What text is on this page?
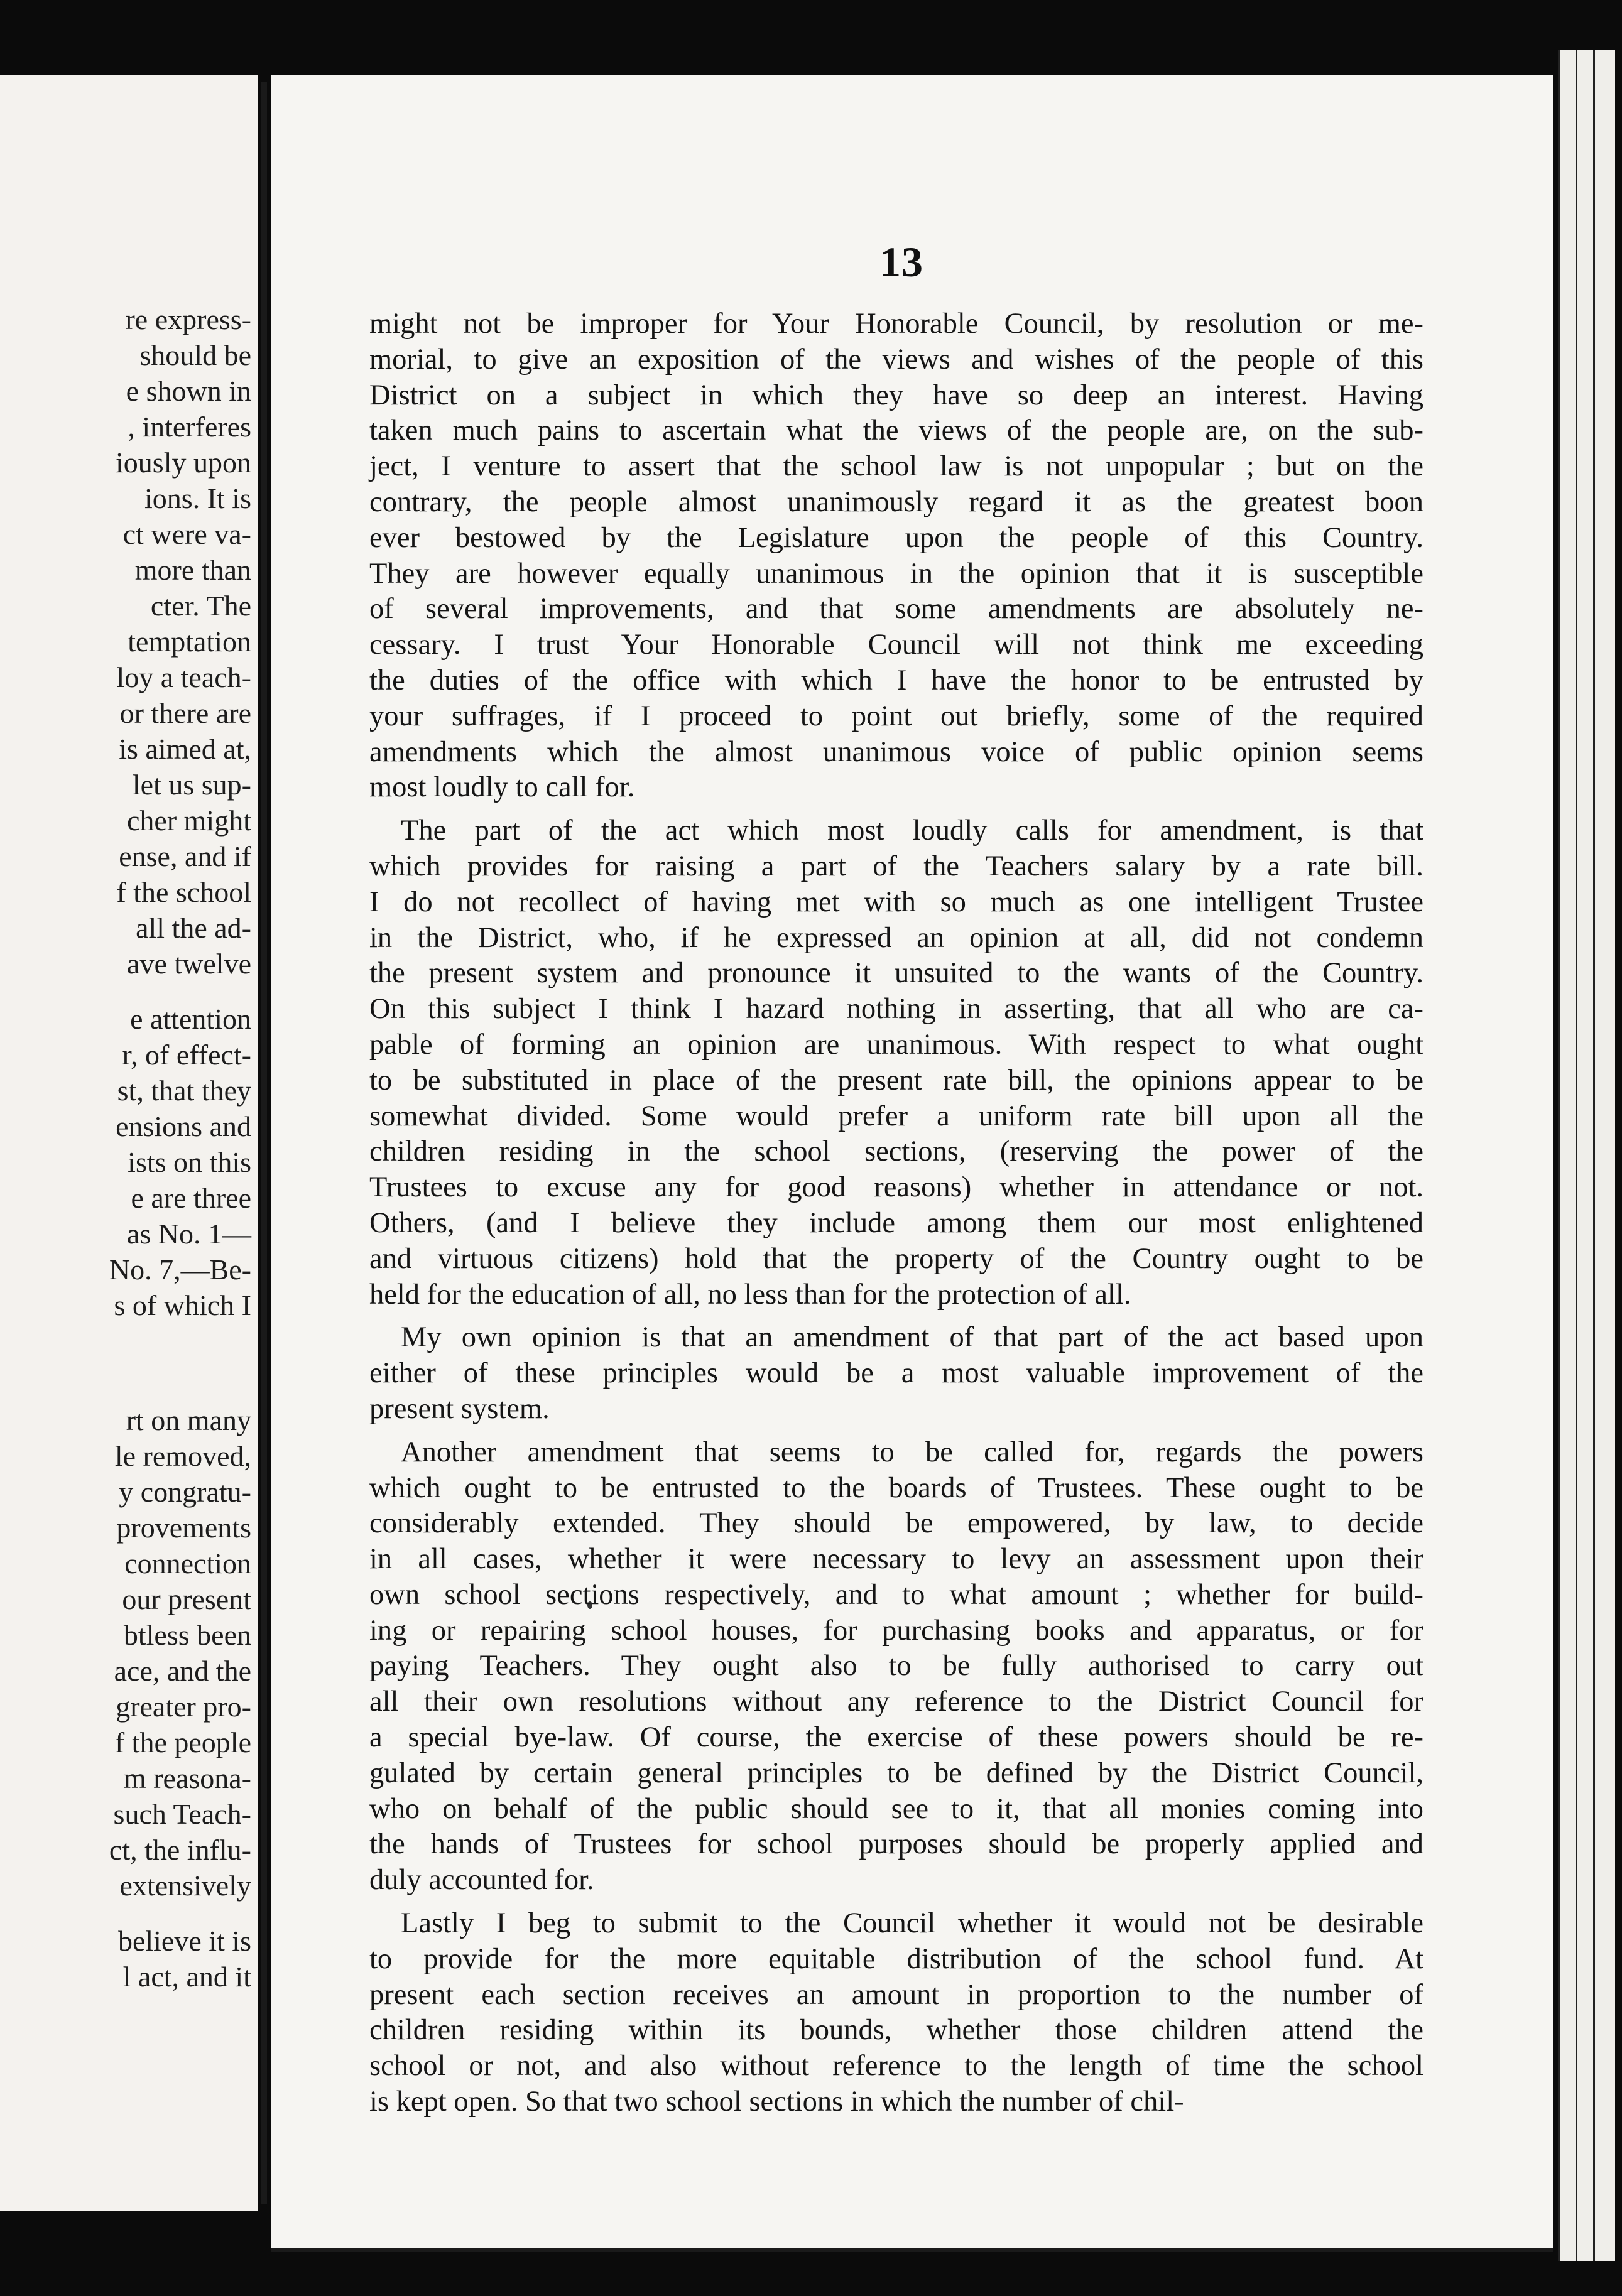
re express-
should be
e shown in
, interferes
iously upon
ions. It is
ct were va-
more than
cter. The
temptation
loy a teach-
or there are
is aimed at,
let us sup-
cher might
ense, and if
f the school
all the ad-
ave twelve
e attention
r, of effect-
st, that they
ensions and
ists on this
e are three
as No. 1—
No. 7,—Be-
s of which I
rt on many
le removed,
y congratu-
provements
connection
our present
btless been
ace, and the
greater pro-
f the people
m reasona-
such Teach-
ct, the influ-
extensively
believe it is
l act, and it
13
might not be improper for Your Honorable Council, by resolution or me-
morial, to give an exposition of the views and wishes of the people of this
District on a subject in which they have so deep an interest. Having
taken much pains to ascertain what the views of the people are, on the sub-
ject, I venture to assert that the school law is not unpopular ; but on the
contrary, the people almost unanimously regard it as the greatest boon
ever bestowed by the Legislature upon the people of this Country.
They are however equally unanimous in the opinion that it is susceptible
of several improvements, and that some amendments are absolutely ne-
cessary. I trust Your Honorable Council will not think me exceeding
the duties of the office with which I have the honor to be entrusted by
your suffrages, if I proceed to point out briefly, some of the required
amendments which the almost unanimous voice of public opinion seems
most loudly to call for.
The part of the act which most loudly calls for amendment, is that
which provides for raising a part of the Teachers salary by a rate bill.
I do not recollect of having met with so much as one intelligent Trustee
in the District, who, if he expressed an opinion at all, did not condemn
the present system and pronounce it unsuited to the wants of the Country.
On this subject I think I hazard nothing in asserting, that all who are ca-
pable of forming an opinion are unanimous. With respect to what ought
to be substituted in place of the present rate bill, the opinions appear to be
somewhat divided. Some would prefer a uniform rate bill upon all the
children residing in the school sections, (reserving the power of the
Trustees to excuse any for good reasons) whether in attendance or not.
Others, (and I believe they include among them our most enlightened
and virtuous citizens) hold that the property of the Country ought to be
held for the education of all, no less than for the protection of all.
My own opinion is that an amendment of that part of the act based upon
either of these principles would be a most valuable improvement of the
present system.
Another amendment that seems to be called for, regards the powers
which ought to be entrusted to the boards of Trustees. These ought to be
considerably extended. They should be empowered, by law, to decide
in all cases, whether it were necessary to levy an assessment upon their
own school sections respectively, and to what amount ; whether for build-
ing or repairing school houses, for purchasing books and apparatus, or for
paying Teachers. They ought also to be fully authorised to carry out
all their own resolutions without any reference to the District Council for
a special bye-law. Of course, the exercise of these powers should be re-
gulated by certain general principles to be defined by the District Council,
who on behalf of the public should see to it, that all monies coming into
the hands of Trustees for school purposes should be properly applied and
duly accounted for.
Lastly I beg to submit to the Council whether it would not be desirable
to provide for the more equitable distribution of the school fund. At
present each section receives an amount in proportion to the number of
children residing within its bounds, whether those children attend the
school or not, and also without reference to the length of time the school
is kept open. So that two school sections in which the number of chil-
